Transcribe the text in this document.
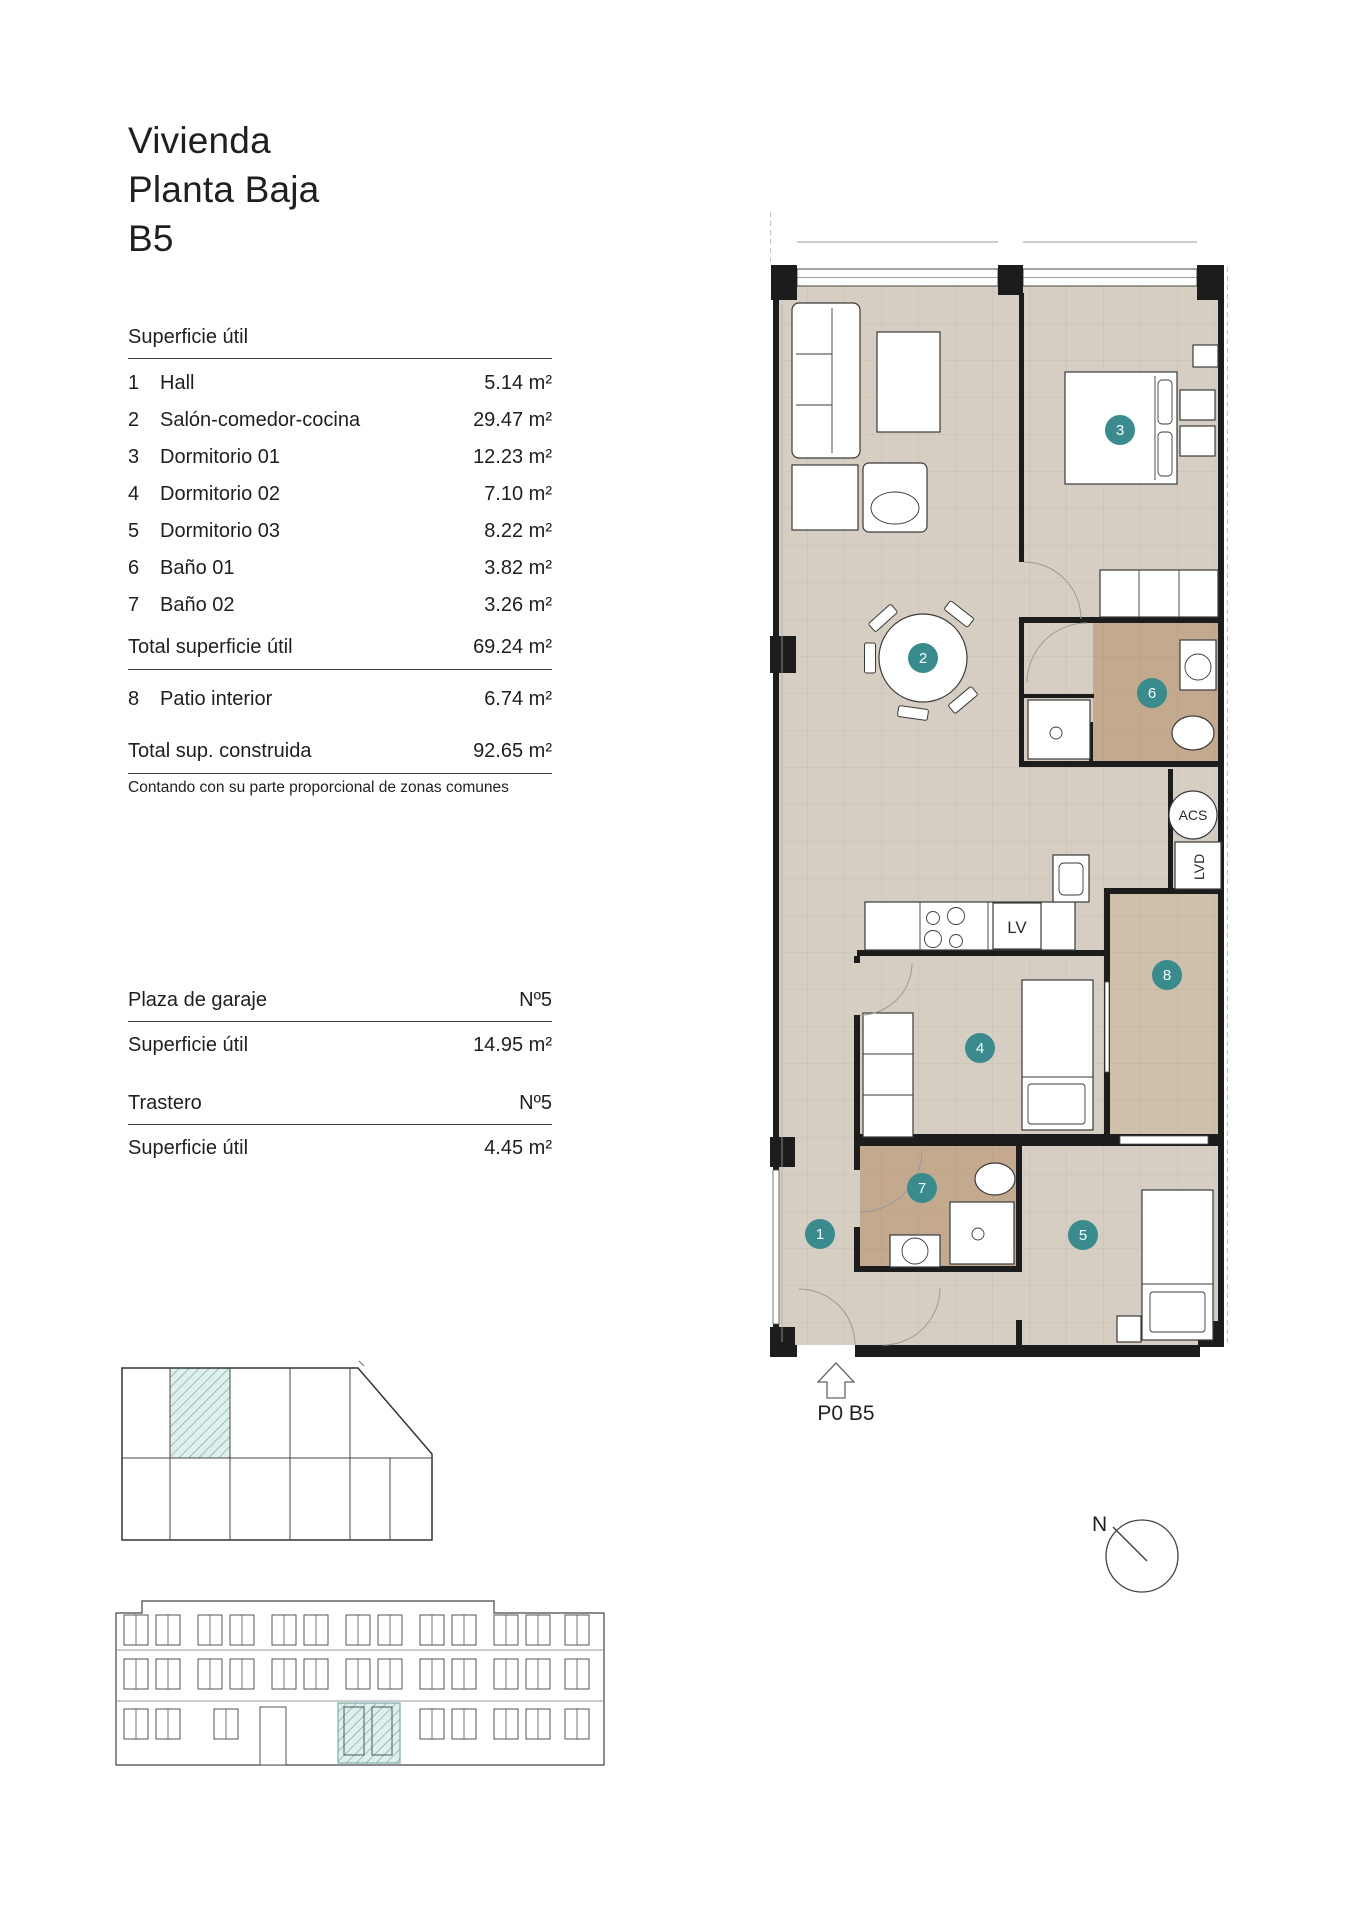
Vivienda
Planta Baja
B5
Superficie útil
1	Hall	5.14 m²
2	Salón-comedor-cocina	29.47 m²
3	Dormitorio 01	12.23 m²
4	Dormitorio 02	7.10 m²
5	Dormitorio 03	8.22 m²
6	Baño 01	3.82 m²
7	Baño 02	3.26 m²
Total superficie útil	69.24 m²
8	Patio interior	6.74 m²
Total sup. construida	92.65 m²
Contando con su parte proporcional de zonas comunes
Plaza de garaje	Nº5
Superficie útil	14.95 m²
Trastero	Nº5
Superficie útil	4.45 m²
ACS
LVD
LV
1
2
3
4
5
6
7
8
P0 B5
N
